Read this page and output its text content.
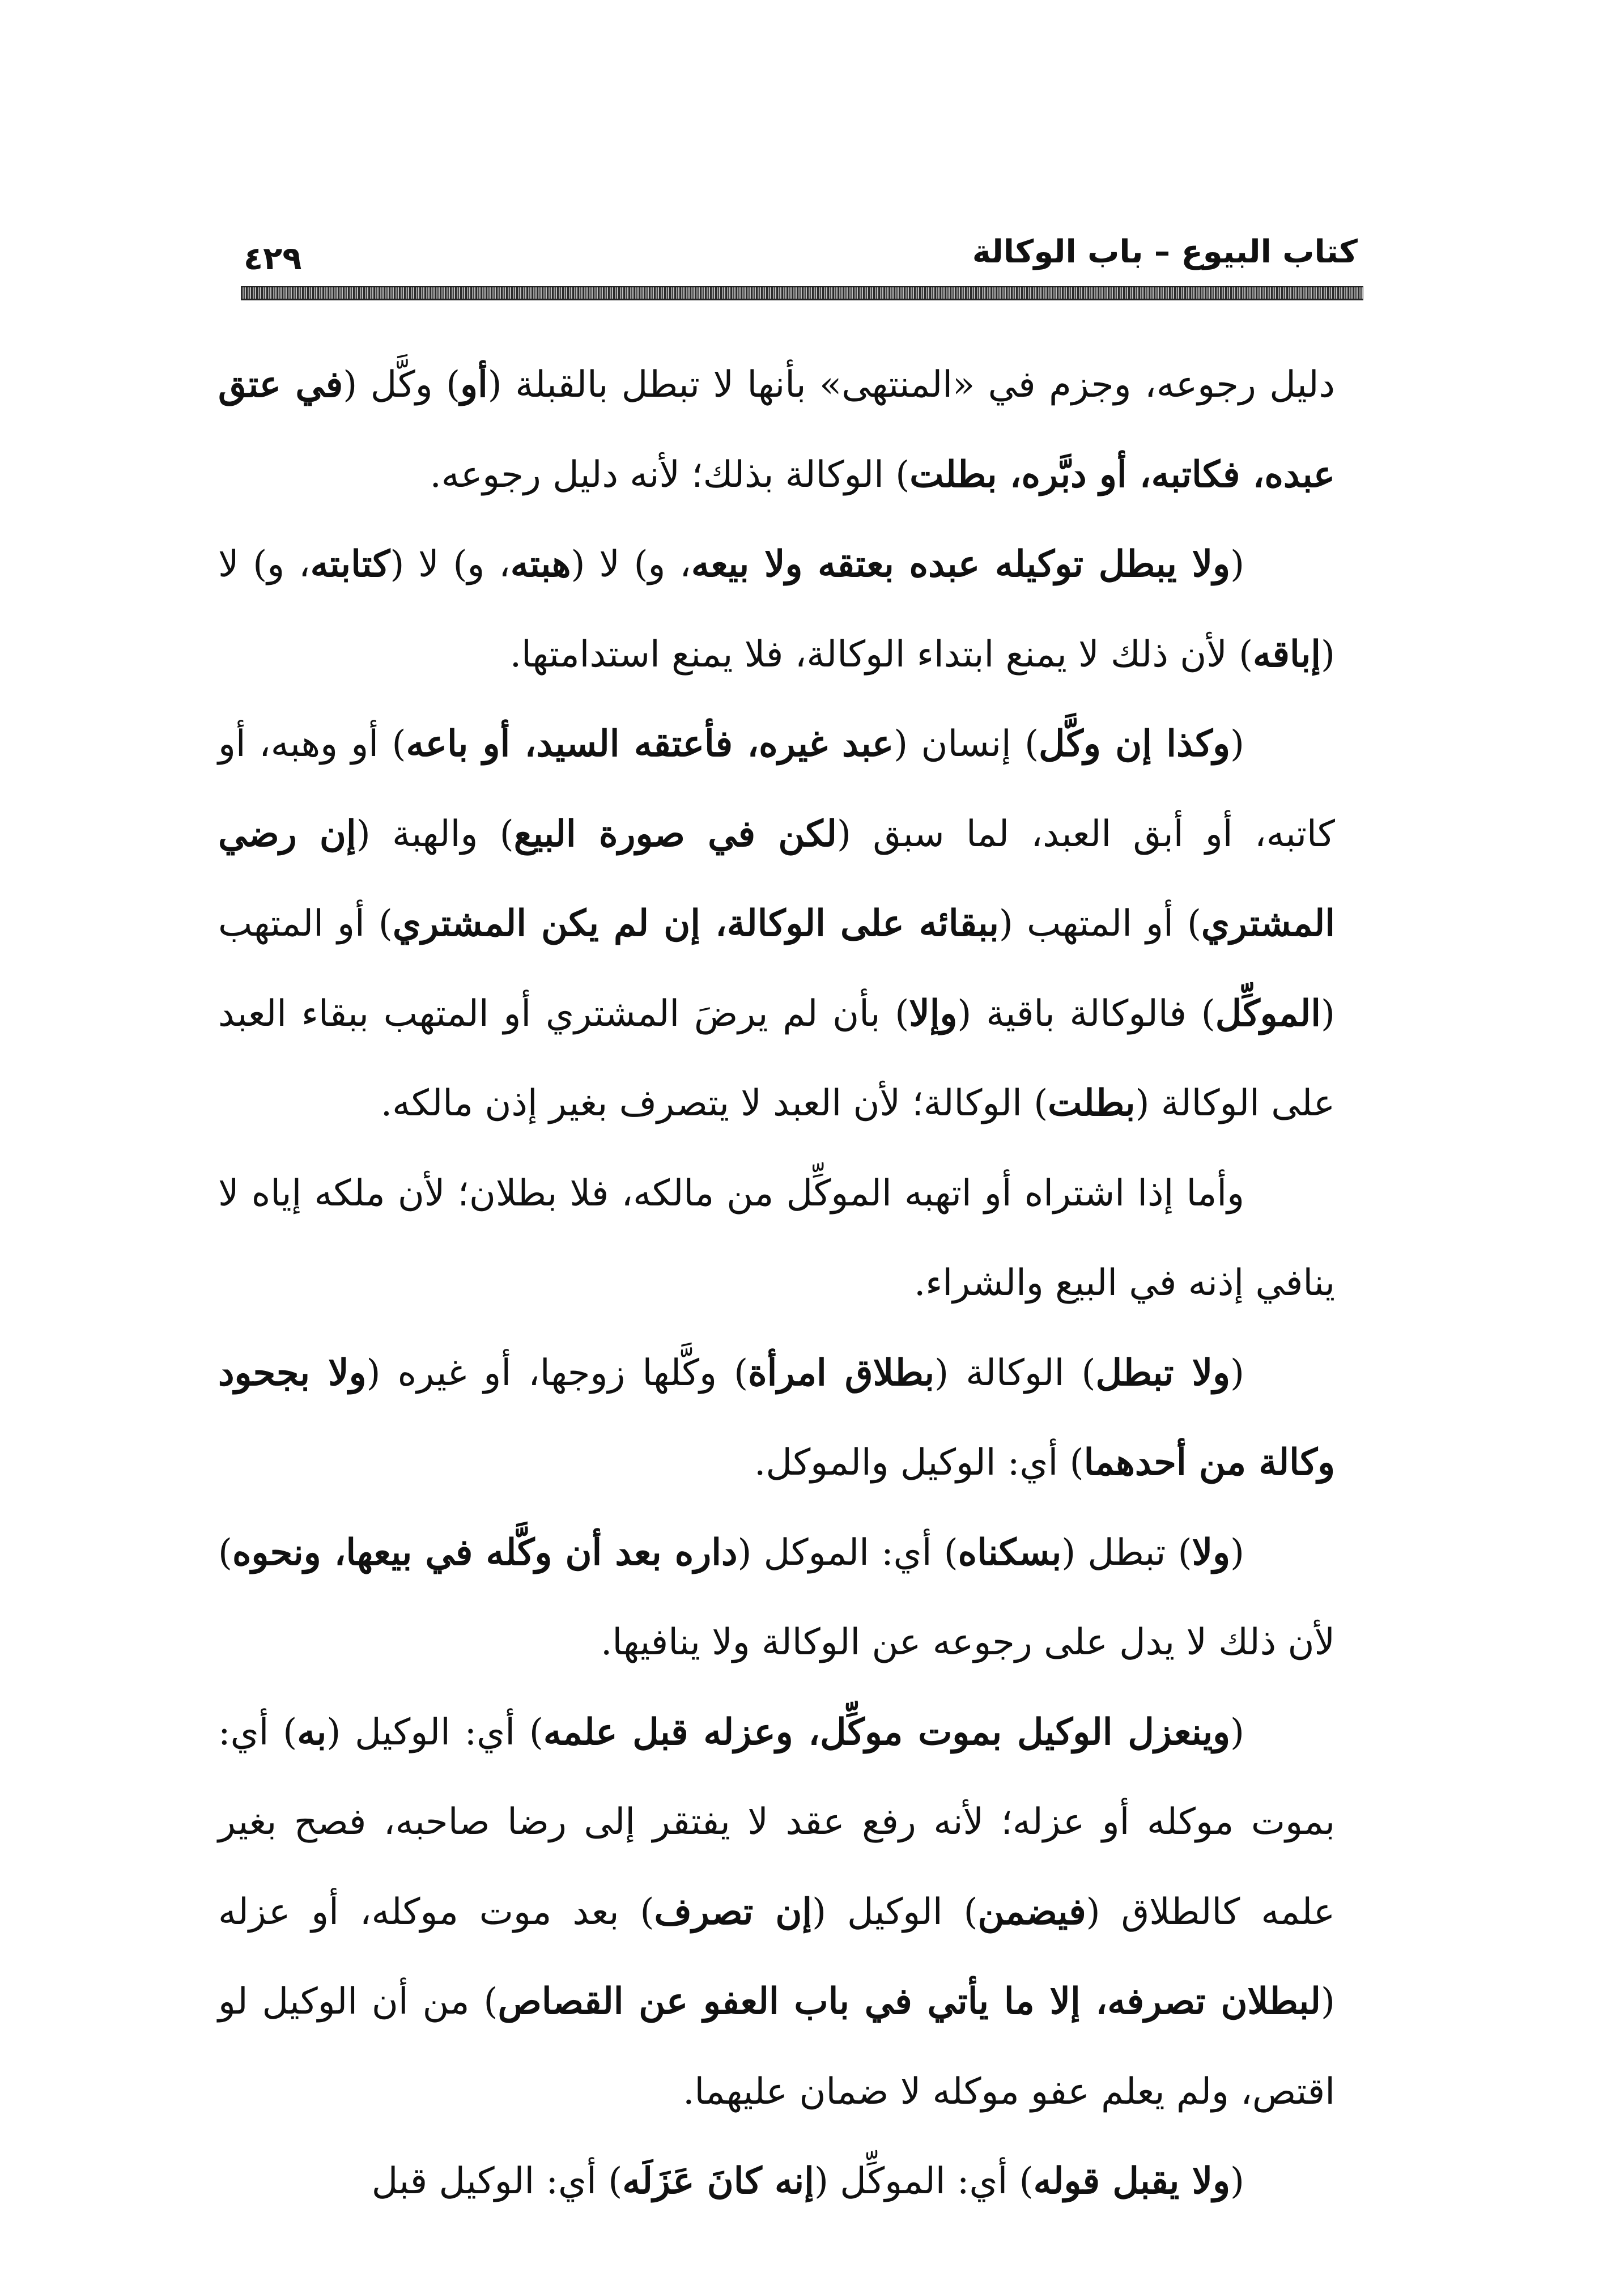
كتاب البيوع – باب الوكالة
٤٢٩

دليل رجوعه، وجزم في «المنتهى» بأنها لا تبطل بالقبلة (أو) وكَّل (في عتق عبده، فكاتبه، أو دبَّره، بطلت) الوكالة بذلك؛ لأنه دليل رجوعه.

(ولا يبطل توكيله عبده بعتقه ولا بيعه، و) لا (هبته، و) لا (كتابته، و) لا (إباقه) لأن ذلك لا يمنع ابتداء الوكالة، فلا يمنع استدامتها.

(وكذا إن وكَّل) إنسان (عبد غيره، فأعتقه السيد، أو باعه) أو وهبه، أو كاتبه، أو أبق العبد، لما سبق (لكن في صورة البيع) والهبة (إن رضي المشتري) أو المتهب (ببقائه على الوكالة، إن لم يكن المشتري) أو المتهب (الموكِّل) فالوكالة باقية (وإلا) بأن لم يرضَ المشتري أو المتهب ببقاء العبد على الوكالة (بطلت) الوكالة؛ لأن العبد لا يتصرف بغير إذن مالكه.

وأما إذا اشتراه أو اتهبه الموكِّل من مالكه، فلا بطلان؛ لأن ملكه إياه لا ينافي إذنه في البيع والشراء.

(ولا تبطل) الوكالة (بطلاق امرأة) وكَّلها زوجها، أو غيره (ولا بجحود وكالة من أحدهما) أي: الوكيل والموكل.

(ولا) تبطل (بسكناه) أي: الموكل (داره بعد أن وكَّله في بيعها، ونحوه) لأن ذلك لا يدل على رجوعه عن الوكالة ولا ينافيها.

(وينعزل الوكيل بموت موكِّل، وعزله قبل علمه) أي: الوكيل (به) أي: بموت موكله أو عزله؛ لأنه رفع عقد لا يفتقر إلى رضا صاحبه، فصح بغير علمه كالطلاق (فيضمن) الوكيل (إن تصرف) بعد موت موكله، أو عزله (لبطلان تصرفه، إلا ما يأتي في باب العفو عن القصاص) من أن الوكيل لو اقتص، ولم يعلم عفو موكله لا ضمان عليهما.

(ولا يقبل قوله) أي: الموكِّل (إنه كانَ عَزَلَه) أي: الوكيل قبل
